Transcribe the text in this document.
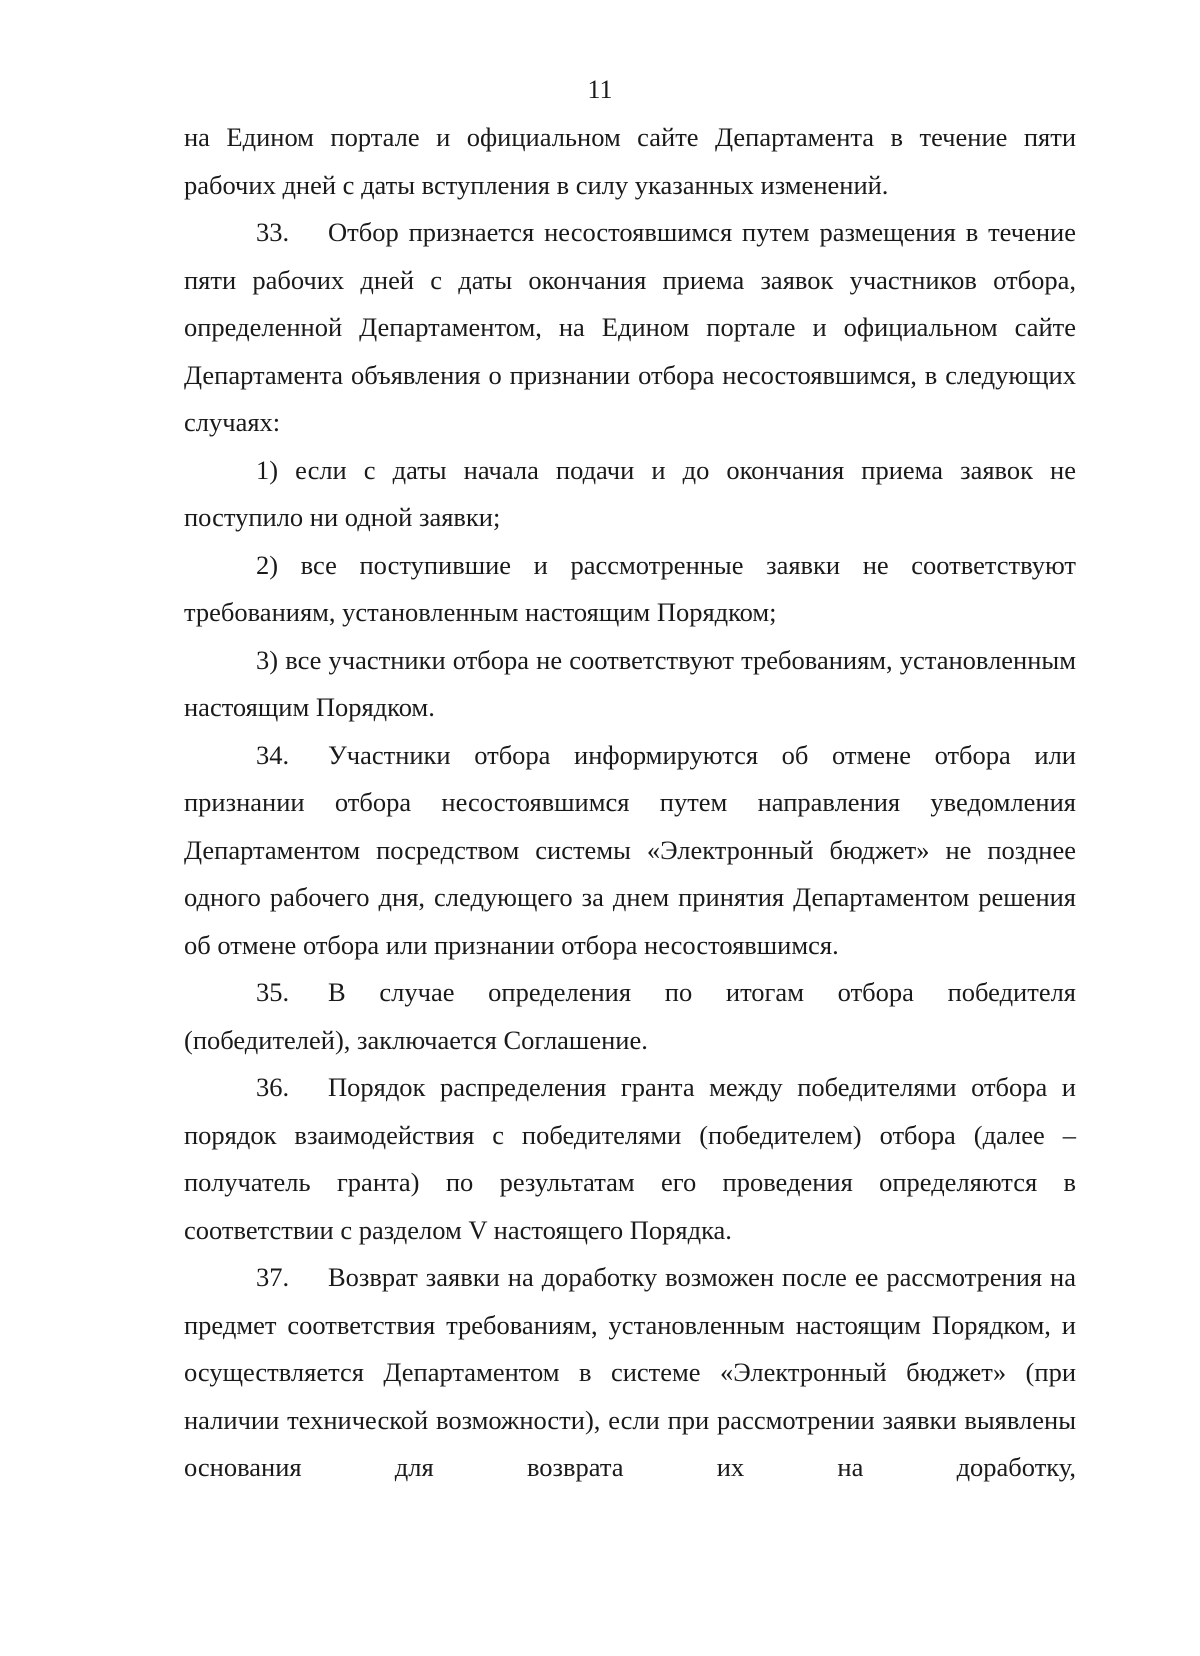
11

на Едином портале и официальном сайте Департамента в течение пяти рабочих дней с даты вступления в силу указанных изменений.

33. Отбор признается несостоявшимся путем размещения в течение пяти рабочих дней с даты окончания приема заявок участников отбора, определенной Департаментом, на Едином портале и официальном сайте Департамента объявления о признании отбора несостоявшимся, в следующих случаях:

1) если с даты начала подачи и до окончания приема заявок не поступило ни одной заявки;

2) все поступившие и рассмотренные заявки не соответствуют требованиям, установленным настоящим Порядком;

3) все участники отбора не соответствуют требованиям, установленным настоящим Порядком.

34. Участники отбора информируются об отмене отбора или признании отбора несостоявшимся путем направления уведомления Департаментом посредством системы «Электронный бюджет» не позднее одного рабочего дня, следующего за днем принятия Департаментом решения об отмене отбора или признании отбора несостоявшимся.

35. В случае определения по итогам отбора победителя (победителей), заключается Соглашение.

36. Порядок распределения гранта между победителями отбора и порядок взаимодействия с победителями (победителем) отбора (далее – получатель гранта) по результатам его проведения определяются в соответствии с разделом V настоящего Порядка.

37. Возврат заявки на доработку возможен после ее рассмотрения на предмет соответствия требованиям, установленным настоящим Порядком, и осуществляется Департаментом в системе «Электронный бюджет» (при наличии технической возможности), если при рассмотрении заявки выявлены основания для возврата их на доработку,
